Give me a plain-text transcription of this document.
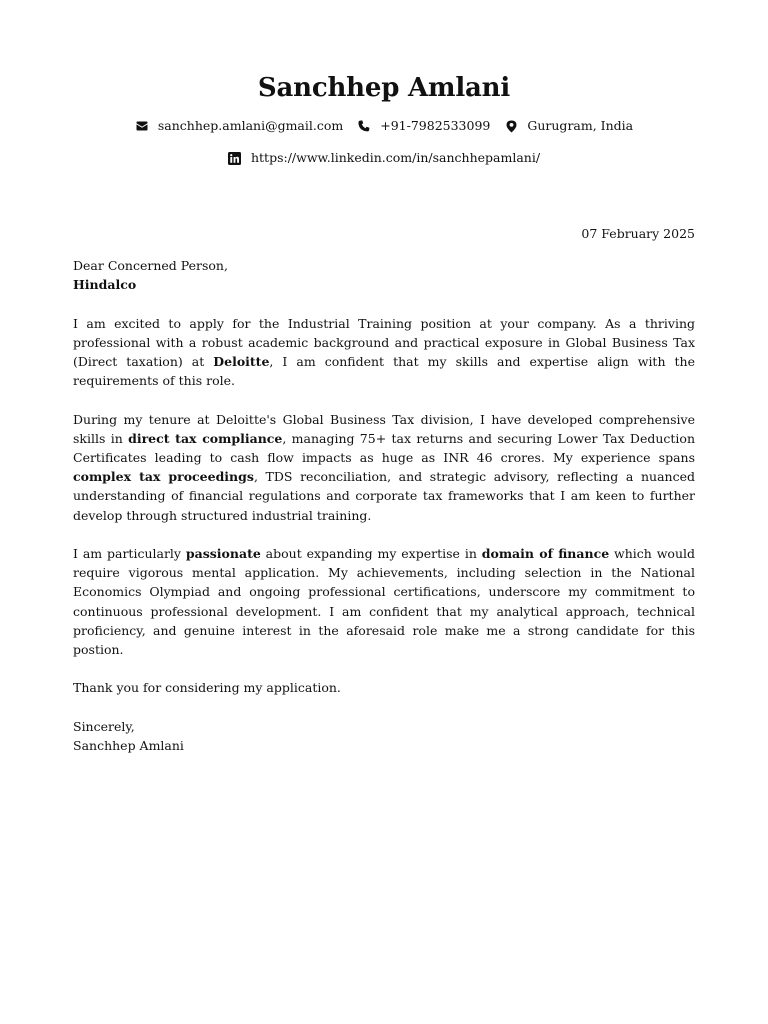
Sanchhep Amlani
sanchhep.amlani@gmail.com	+91-7982533099	Gurugram, India
https://www.linkedin.com/in/sanchhepamlani/
07 February 2025

Dear Concerned Person,

Hindalco

I am excited to apply for the Industrial Training position at your company. As a thriving professional with a robust academic background and practical exposure in Global Business Tax (Direct taxation) at Deloitte, I am confident that my skills and expertise align with the requirements of this role.

During my tenure at Deloitte's Global Business Tax division, I have developed comprehensive skills in direct tax compliance, managing 75+ tax returns and securing Lower Tax Deduction Certificates leading to cash flow impacts as huge as INR 46 crores. My experience spans complex tax proceedings, TDS reconciliation, and strategic advisory, reflecting a nuanced understanding of financial regulations and corporate tax frameworks that I am keen to further develop through structured industrial training.

I am particularly passionate about expanding my expertise in domain of finance which would require vigorous mental application. My achievements, including selection in the National Economics Olympiad and ongoing professional certifications, underscore my commitment to continuous professional development. I am confident that my analytical approach, technical proficiency, and genuine interest in the aforesaid role make me a strong candidate for this postion.

Thank you for considering my application.

Sincerely,

Sanchhep Amlani
